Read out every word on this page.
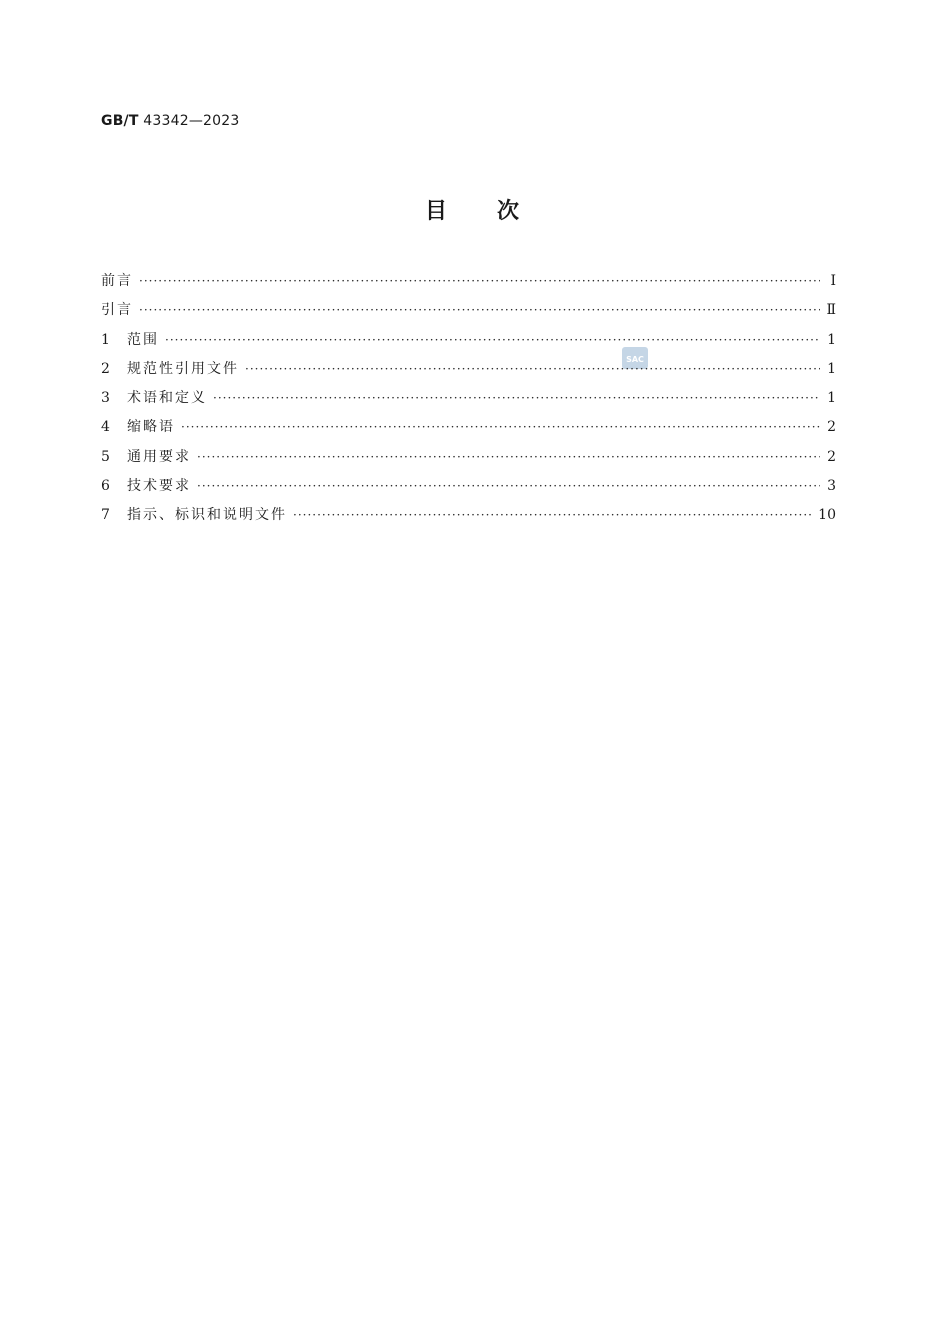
GB/T 43342—2023
目次
SAC
前言 ·····	Ⅰ
引言 ·····	Ⅱ
1	范围 ·····	1
2	规范性引用文件 ·····	1
3	术语和定义 ·····	1
4	缩略语 ·····	2
5	通用要求 ·····	2
6	技术要求 ·····	3
7	指示、标识和说明文件 ·····	10
